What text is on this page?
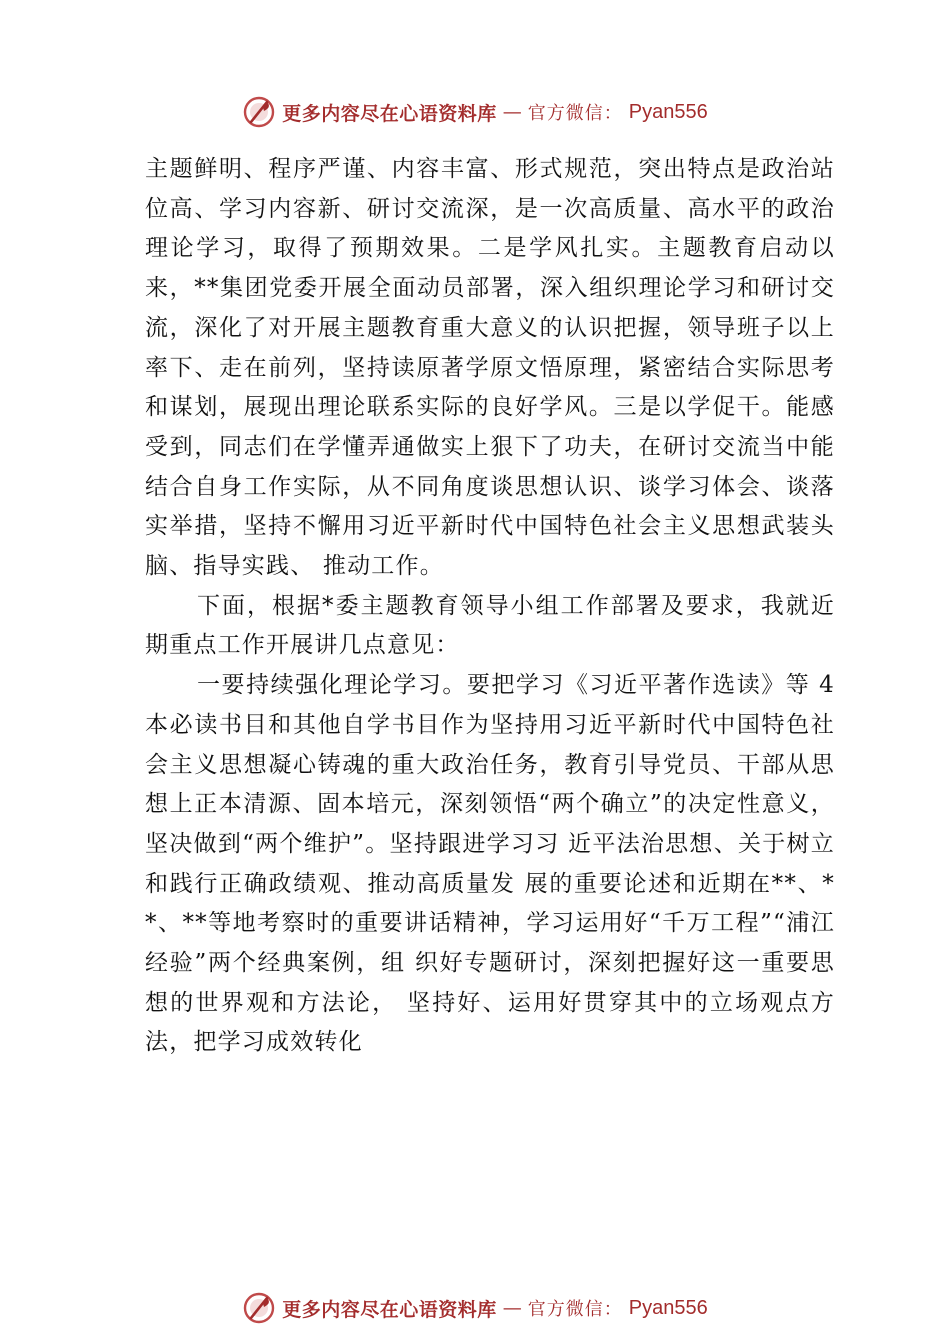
更多内容尽在心语资料库 — 官方微信： Pyan556

主题鲜明、程序严谨、内容丰富、形式规范，突出特点是政治站位高、学习内容新、研讨交流深，是一次高质量、高水平的政治理论学习，取得了预期效果。二是学风扎实。主题教育启动以来，**集团党委开展全面动员部署，深入组织理论学习和研讨交流，深化了对开展主题教育重大意义的认识把握，领导班子以上率下、走在前列，坚持读原著学原文悟原理，紧密结合实际思考和谋划，展现出理论联系实际的良好学风。三是以学促干。能感受到，同志们在学懂弄通做实上狠下了功夫，在研讨交流当中能结合自身工作实际，从不同角度谈思想认识、谈学习体会、谈落实举措，坚持不懈用习近平新时代中国特色社会主义思想武装头脑、指导实践、 推动工作。

下面，根据*委主题教育领导小组工作部署及要求，我就近期重点工作开展讲几点意见：

一要持续强化理论学习。要把学习《习近平著作选读》等 4 本必读书目和其他自学书目作为坚持用习近平新时代中国特色社会主义思想凝心铸魂的重大政治任务，教育引导党员、干部从思想上正本清源、固本培元，深刻领悟“两个确立”的决定性意义，坚决做到“两个维护”。坚持跟进学习习 近平法治思想、关于树立和践行正确政绩观、推动高质量发 展的重要论述和近期在**、**、**等地考察时的重要讲话精神，学习运用好“千万工程”“浦江经验”两个经典案例，组 织好专题研讨，深刻把握好这一重要思想的世界观和方法论， 坚持好、运用好贯穿其中的立场观点方法，把学习成效转化

更多内容尽在心语资料库 — 官方微信： Pyan556
